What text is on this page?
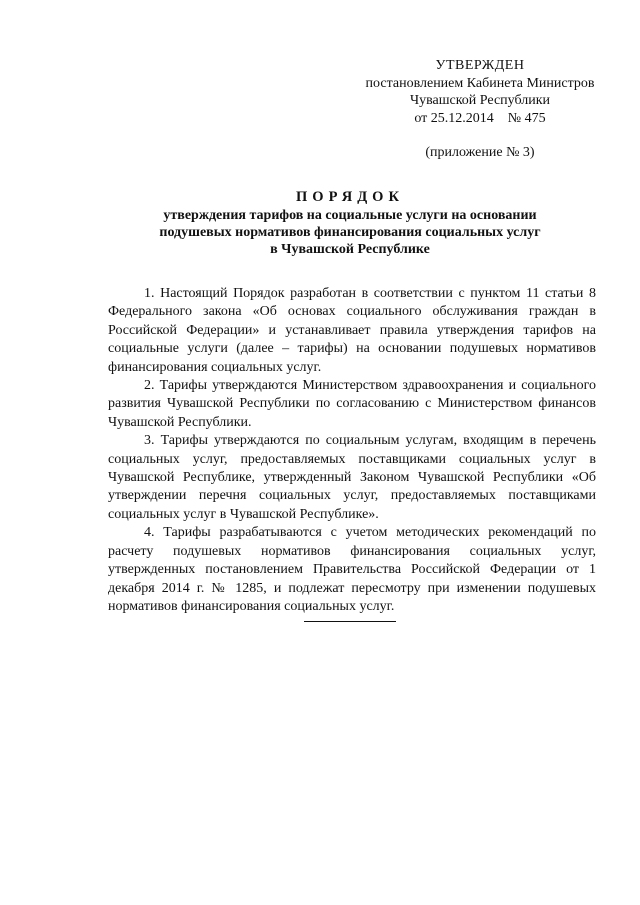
УТВЕРЖДЕН
постановлением Кабинета Министров
Чувашской Республики
от 25.12.2014    № 475
(приложение № 3)
ПОРЯДОК
утверждения тарифов на социальные услуги на основании
подушевых нормативов финансирования социальных услуг
в Чувашской Республике

1. Настоящий Порядок разработан в соответствии с пунктом 11 статьи 8 Федерального закона «Об основах социального обслуживания граждан в Российской Федерации» и устанавливает правила утверждения тарифов на социальные услуги (далее – тарифы) на основании подушевых нормативов финансирования социальных услуг.

2. Тарифы утверждаются Министерством здравоохранения и социального развития Чувашской Республики по согласованию с Министерством финансов Чувашской Республики.

3. Тарифы утверждаются по социальным услугам, входящим в перечень социальных услуг, предоставляемых поставщиками социальных услуг в Чувашской Республике, утвержденный Законом Чувашской Республики «Об утверждении перечня социальных услуг, предоставляемых поставщиками социальных услуг в Чувашской Республике».

4. Тарифы разрабатываются с учетом методических рекомендаций по расчету подушевых нормативов финансирования социальных услуг, утвержденных постановлением Правительства Российской Федерации от 1 декабря 2014 г. № 1285, и подлежат пересмотру при изменении подушевых нормативов финансирования социальных услуг.
